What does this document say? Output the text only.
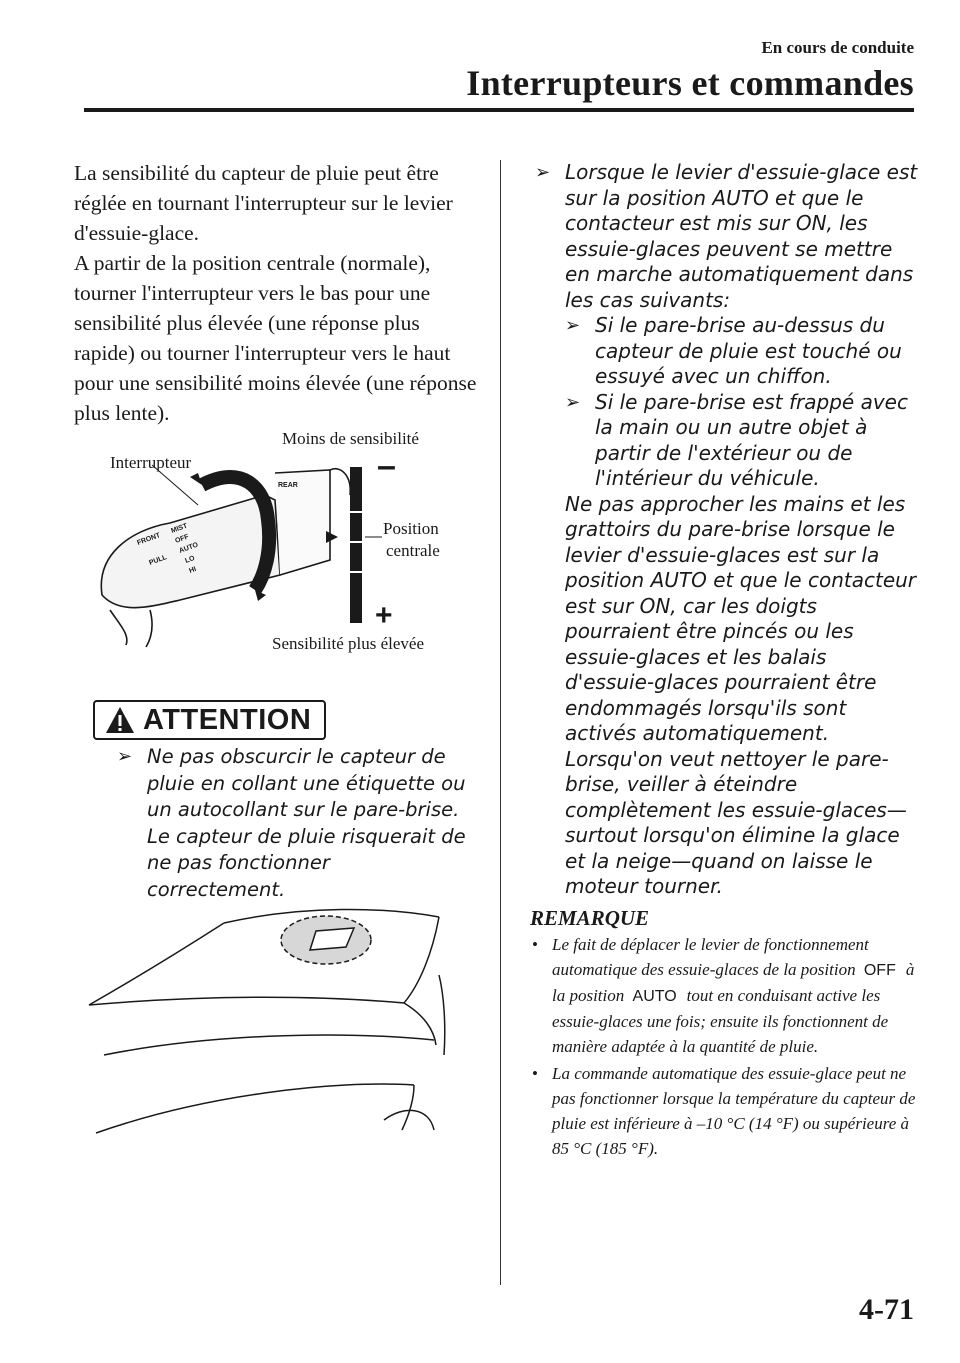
En cours de conduite
Interrupteurs et commandes

La sensibilité du capteur de pluie peut être réglée en tournant l'interrupteur sur le levier d'essuie-glace.

A partir de la position centrale (normale), tourner l'interrupteur vers le bas pour une sensibilité plus élevée (une réponse plus rapide) ou tourner l'interrupteur vers le haut pour une sensibilité moins élevée (une réponse plus lente).

FRONT
PULL
MIST
OFF
AUTO
LO
HI
REAR
–
+
Interrupteur
Moins de sensibilité
Position
centrale
Sensibilité plus élevée
ATTENTION
➢ Ne pas obscurcir le capteur de pluie en collant une étiquette ou un autocollant sur le pare-brise. Le capteur de pluie risquerait de ne pas fonctionner correctement.
➢ Lorsque le levier d'essuie-glace est sur la position AUTO et que le contacteur est mis sur ON, les essuie-glaces peuvent se mettre en marche automatiquement dans les cas suivants:
➢ Si le pare-brise au-dessus du capteur de pluie est touché ou essuyé avec un chiffon.
➢ Si le pare-brise est frappé avec la main ou un autre objet à partir de l'extérieur ou de l'intérieur du véhicule.
Ne pas approcher les mains et les grattoirs du pare-brise lorsque le levier d'essuie-glaces est sur la position AUTO et que le contacteur est sur ON, car les doigts pourraient être pincés ou les essuie-glaces et les balais d'essuie-glaces pourraient être endommagés lorsqu'ils sont activés automatiquement.
Lorsqu'on veut nettoyer le pare-brise, veiller à éteindre complètement les essuie-glaces—surtout lorsqu'on élimine la glace et la neige—quand on laisse le moteur tourner.
REMARQUE
• Le fait de déplacer le levier de fonctionnement automatique des essuie-glaces de la position OFF à la position AUTO tout en conduisant active les essuie-glaces une fois; ensuite ils fonctionnent de manière adaptée à la quantité de pluie.
• La commande automatique des essuie-glace peut ne pas fonctionner lorsque la température du capteur de pluie est inférieure à –10 °C (14 °F) ou supérieure à 85 °C (185 °F).
4-71
